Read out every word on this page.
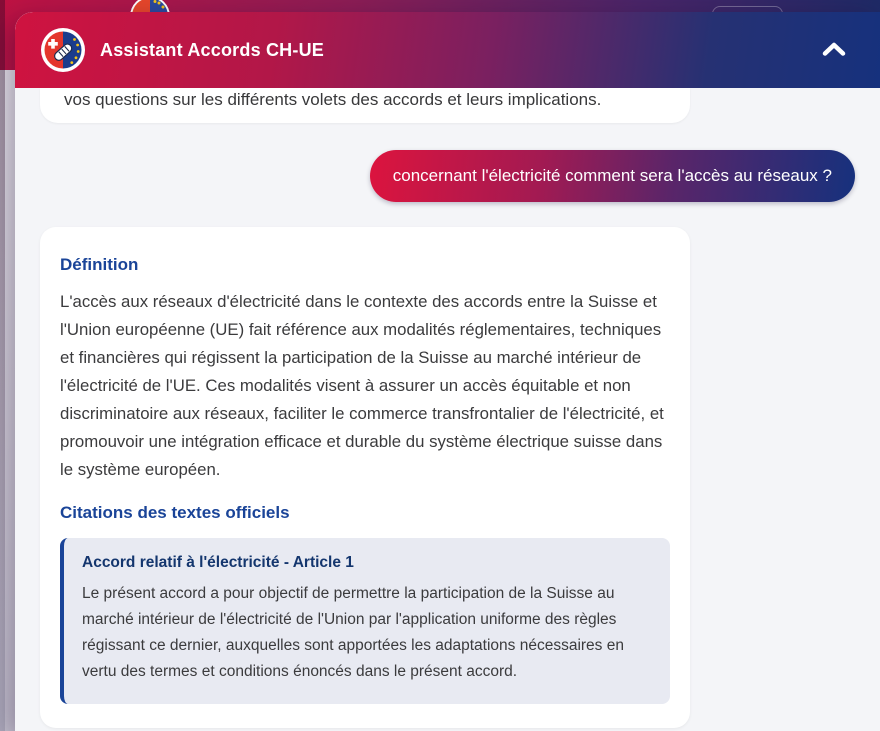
Assistant Accords CH-UE
vos questions sur les différents volets des accords et leurs implications.
concernant l'électricité comment sera l'accès au réseaux ?
Définition

L'accès aux réseaux d'électricité dans le contexte des accords entre la Suisse et l'Union européenne (UE) fait référence aux modalités réglementaires, techniques et financières qui régissent la participation de la Suisse au marché intérieur de l'électricité de l'UE. Ces modalités visent à assurer un accès équitable et non discriminatoire aux réseaux, faciliter le commerce transfrontalier de l'électricité, et promouvoir une intégration efficace et durable du système électrique suisse dans le système européen.

Citations des textes officiels
Accord relatif à l'électricité - Article 1

Le présent accord a pour objectif de permettre la participation de la Suisse au marché intérieur de l'électricité de l'Union par l'application uniforme des règles régissant ce dernier, auxquelles sont apportées les adaptations nécessaires en vertu des termes et conditions énoncés dans le présent accord.
